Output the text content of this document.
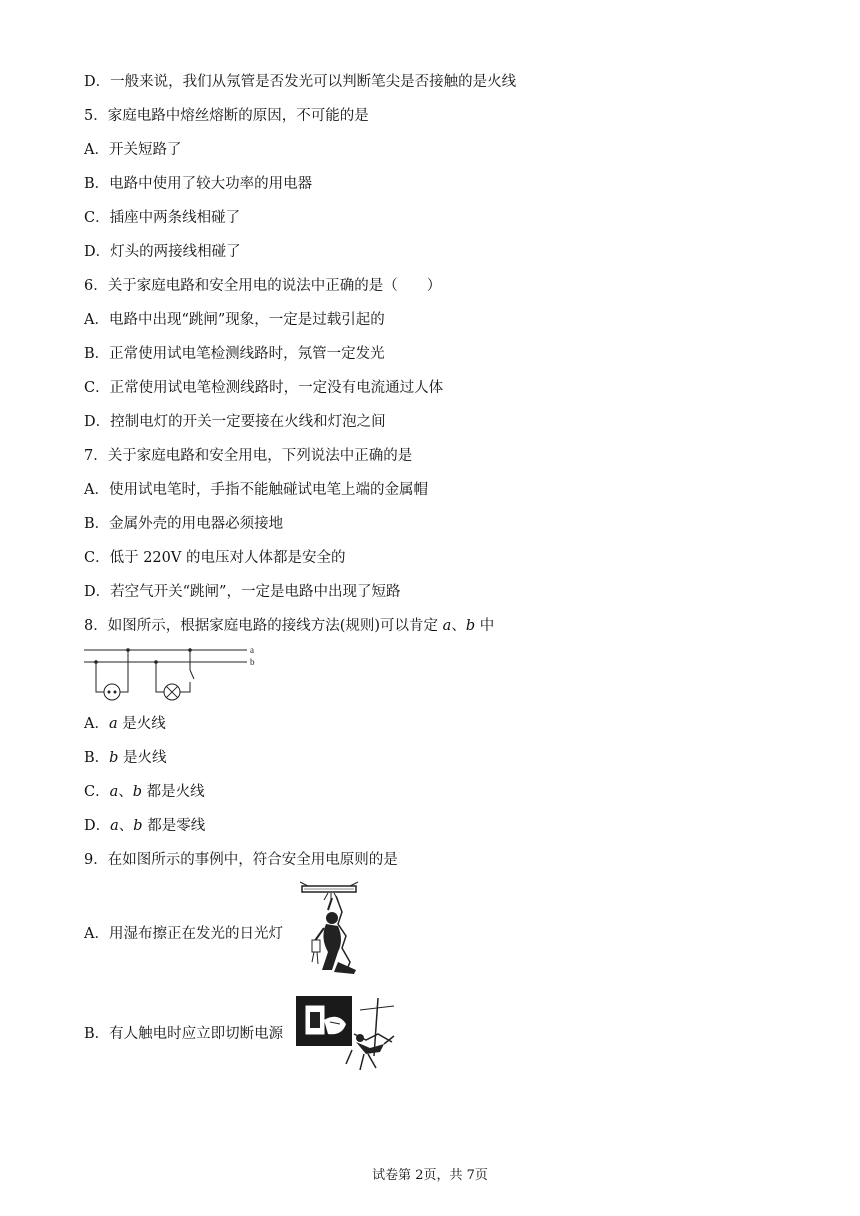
D．一般来说，我们从氖管是否发光可以判断笔尖是否接触的是火线
5．家庭电路中熔丝熔断的原因，不可能的是
A．开关短路了
B．电路中使用了较大功率的用电器
C．插座中两条线相碰了
D．灯头的两接线相碰了
6．关于家庭电路和安全用电的说法中正确的是（　　）
A．电路中出现“跳闸”现象，一定是过载引起的
B．正常使用试电笔检测线路时，氖管一定发光
C．正常使用试电笔检测线路时，一定没有电流通过人体
D．控制电灯的开关一定要接在火线和灯泡之间
7．关于家庭电路和安全用电，下列说法中正确的是
A．使用试电笔时，手指不能触碰试电笔上端的金属帽
B．金属外壳的用电器必须接地
C．低于 220V 的电压对人体都是安全的
D．若空气开关“跳闸”，一定是电路中出现了短路
8．如图所示，根据家庭电路的接线方法(规则)可以肯定 a、b 中
a
b
A．a 是火线
B．b 是火线
C．a、b 都是火线
D．a、b 都是零线
9．在如图所示的事例中，符合安全用电原则的是
A．用湿布擦正在发光的日光灯
B．有人触电时应立即切断电源
试卷第 2页，共 7页
